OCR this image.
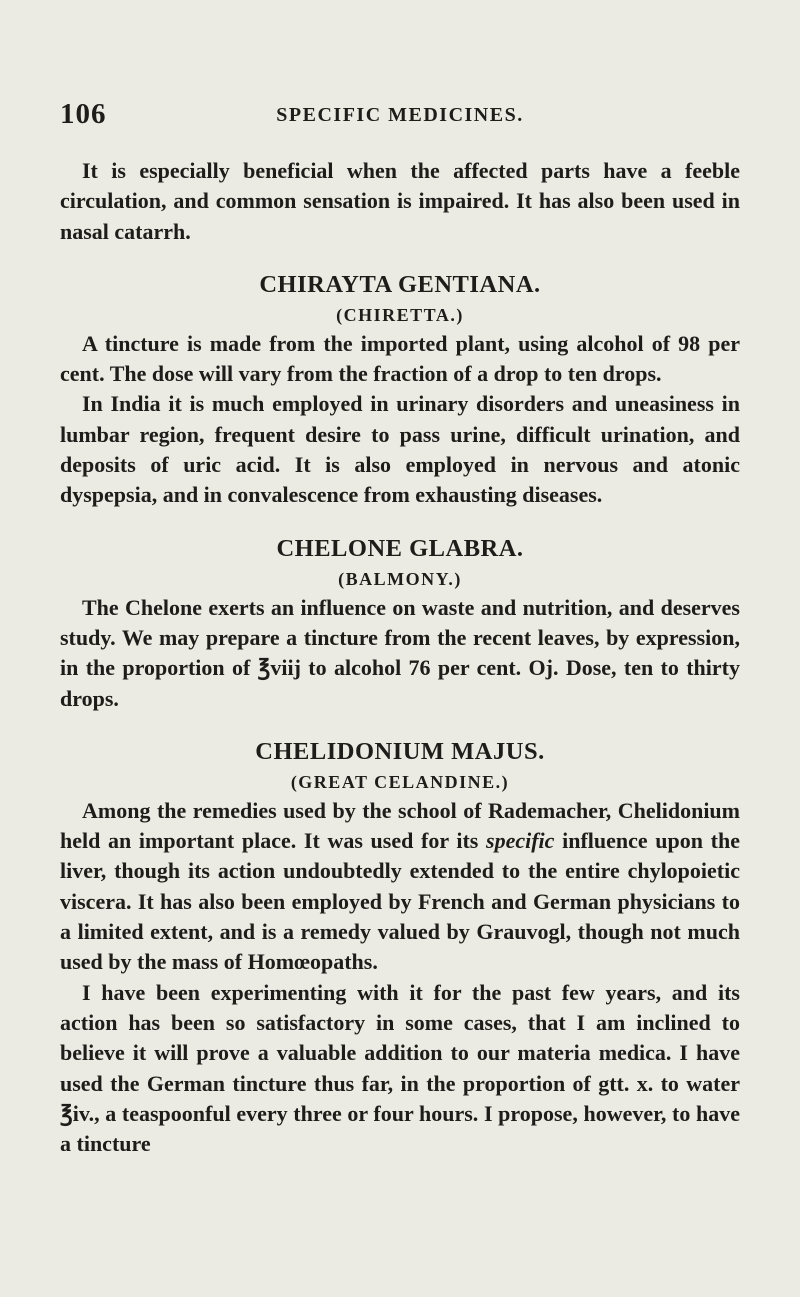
106	SPECIFIC MEDICINES.

It is especially beneficial when the affected parts have a feeble circulation, and common sensation is impaired. It has also been used in nasal catarrh.

CHIRAYTA GENTIANA.
(CHIRETTA.)

A tincture is made from the imported plant, using alcohol of 98 per cent. The dose will vary from the fraction of a drop to ten drops.

In India it is much employed in urinary disorders and uneasiness in lumbar region, frequent desire to pass urine, difficult urination, and deposits of uric acid. It is also employed in nervous and atonic dyspepsia, and in convalescence from exhausting diseases.

CHELONE GLABRA.
(BALMONY.)

The Chelone exerts an influence on waste and nutrition, and deserves study. We may prepare a tincture from the recent leaves, by expression, in the proportion of ℥viij to alcohol 76 per cent. Oj. Dose, ten to thirty drops.

CHELIDONIUM MAJUS.
(GREAT CELANDINE.)

Among the remedies used by the school of Rademacher, Chelidonium held an important place. It was used for its specific influence upon the liver, though its action undoubtedly extended to the entire chylopoietic viscera. It has also been employed by French and German physicians to a limited extent, and is a remedy valued by Grauvogl, though not much used by the mass of Homœopaths.

I have been experimenting with it for the past few years, and its action has been so satisfactory in some cases, that I am inclined to believe it will prove a valuable addition to our materia medica. I have used the German tincture thus far, in the proportion of gtt. x. to water ℥iv., a teaspoonful every three or four hours. I propose, however, to have a tincture
